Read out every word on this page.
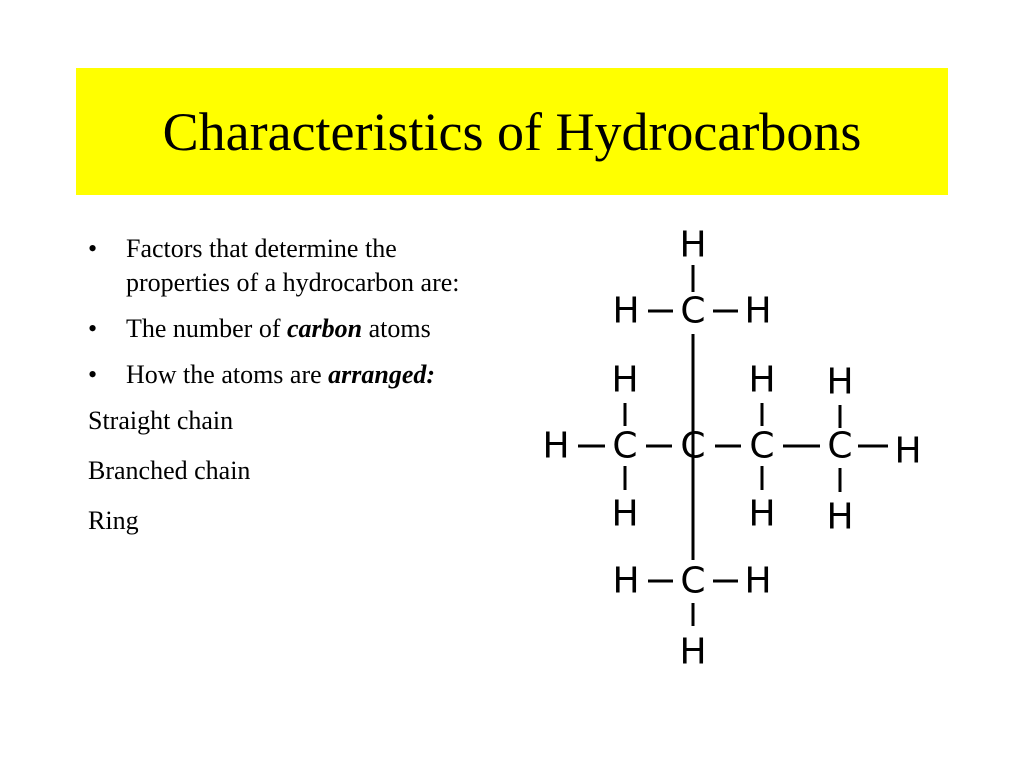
Characteristics of Hydrocarbons
• Factors that determine the properties of a hydrocarbon are:
• The number of carbon atoms
• How the atoms are arranged:
Straight chain
Branched chain
Ring
H
H C H
H	H H
H C C C C H
H	H H
H C H
H
